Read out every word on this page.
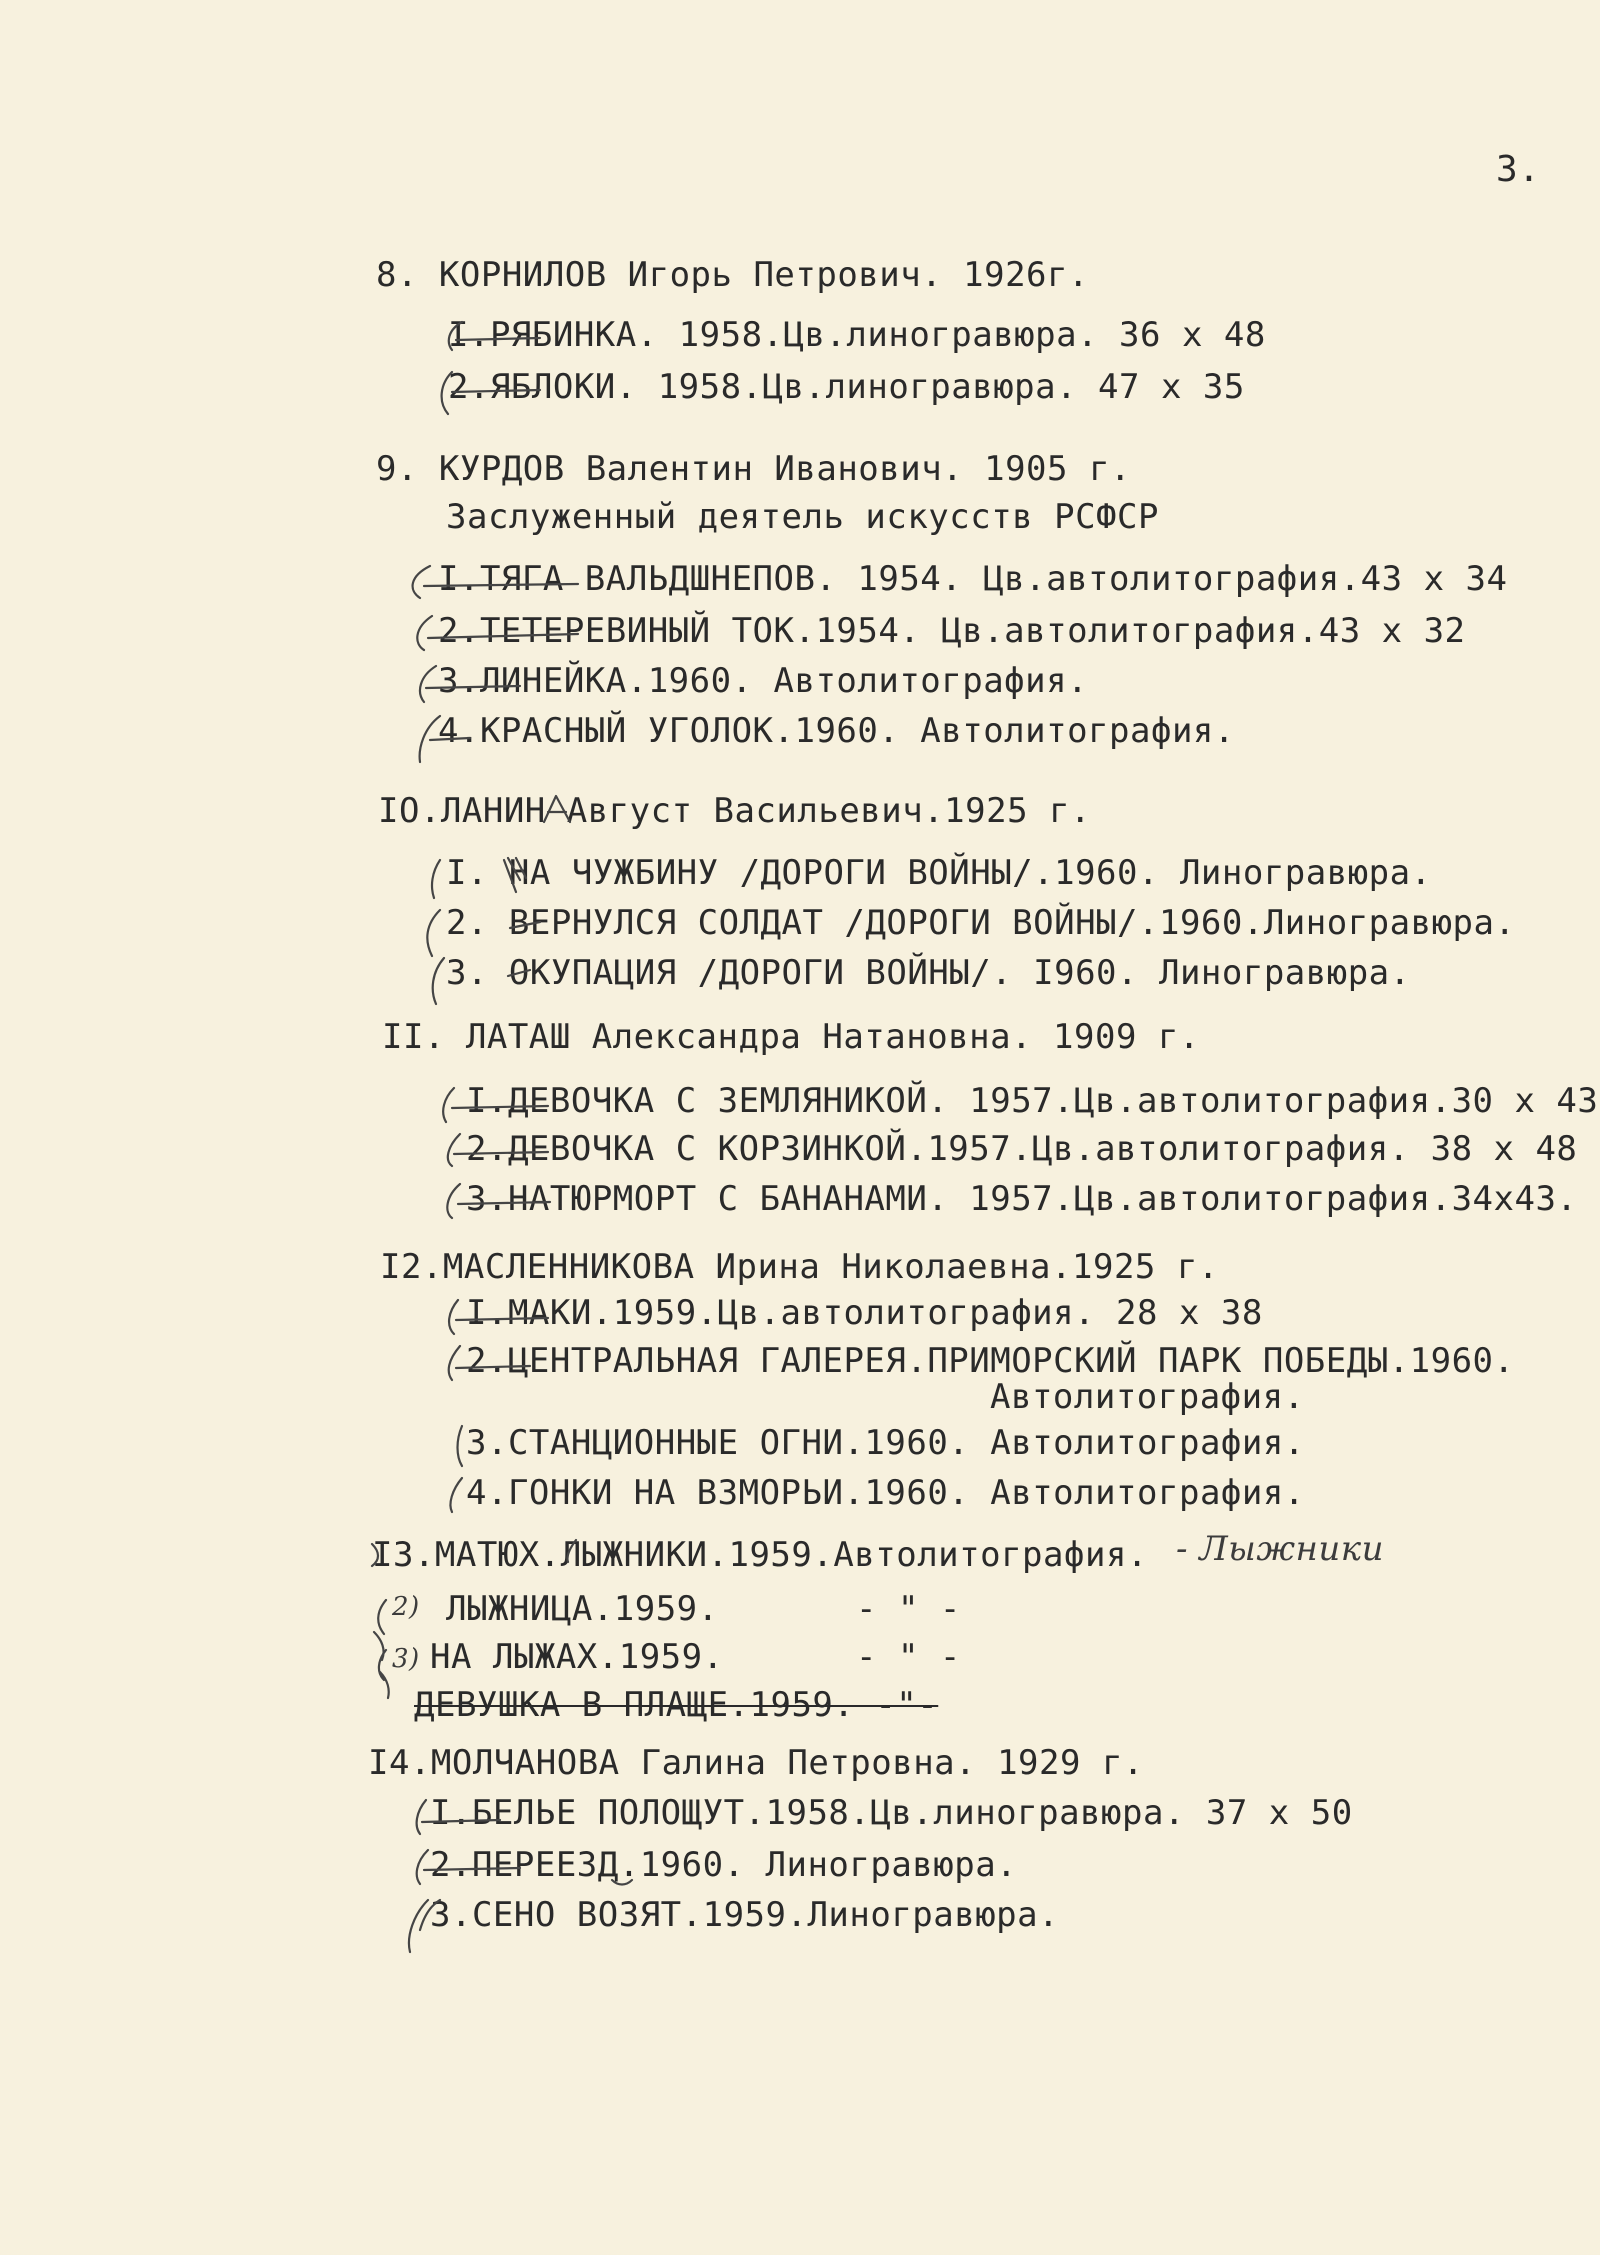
3.
8. КОРНИЛОВ Игорь Петрович. 1926г.
I.РЯБИНКА. 1958.Цв.линогравюра. 36 x 48
2.ЯБЛОКИ. 1958.Цв.линогравюра. 47 x 35
9. КУРДОВ Валентин Иванович. 1905 г.
Заслуженный деятель искусств РСФСР
I.ТЯГА ВАЛЬДШНЕПОВ. 1954. Цв.автолитография.43 x 34
2.ТЕТЕРЕВИНЫЙ ТОК.1954. Цв.автолитография.43 x 32
3.ЛИНЕЙКА.1960. Автолитография.
4.КРАСНЫЙ УГОЛОК.1960. Автолитография.
IO.ЛАНИН Август Васильевич.1925 г.
I. НА ЧУЖБИНУ /ДОРОГИ ВОЙНЫ/.1960. Линогравюра.
2. ВЕРНУЛСЯ СОЛДАТ /ДОРОГИ ВОЙНЫ/.1960.Линогравюра.
3. ОКУПАЦИЯ /ДОРОГИ ВОЙНЫ/. I960. Линогравюра.
II. ЛАТАШ Александра Натановна. 1909 г.
I.ДЕВОЧКА С ЗЕМЛЯНИКОЙ. 1957.Цв.автолитография.30 x 43
2.ДЕВОЧКА С КОРЗИНКОЙ.1957.Цв.автолитография. 38 x 48
3.НАТЮРМОРТ С БАНАНАМИ. 1957.Цв.автолитография.34x43.
I2.МАСЛЕННИКОВА Ирина Николаевна.1925 г.
I.МАКИ.1959.Цв.автолитография. 28 x 38
2.ЦЕНТРАЛЬНАЯ ГАЛЕРЕЯ.ПРИМОРСКИЙ ПАРК ПОБЕДЫ.1960.
Автолитография.
3.СТАНЦИОННЫЕ ОГНИ.1960. Автолитография.
4.ГОНКИ НА ВЗМОРЬИ.1960. Автолитография.
I3.МАТЮХ.ЛЫЖНИКИ.1959.Автолитография. - Лыжники
2) ЛЫЖНИЦА.1959.	- " -
3) НА ЛЫЖАХ.1959.	- " -
ДЕВУШКА В ПЛАЩЕ.1959. -"-
I4.МОЛЧАНОВА Галина Петровна. 1929 г.
I.БЕЛЬЕ ПОЛОЩУТ.1958.Цв.линогравюра. 37 x 50
2.ПЕРЕЕЗД.1960. Линогравюра.
3.СЕНО ВОЗЯТ.1959.Линогравюра.
